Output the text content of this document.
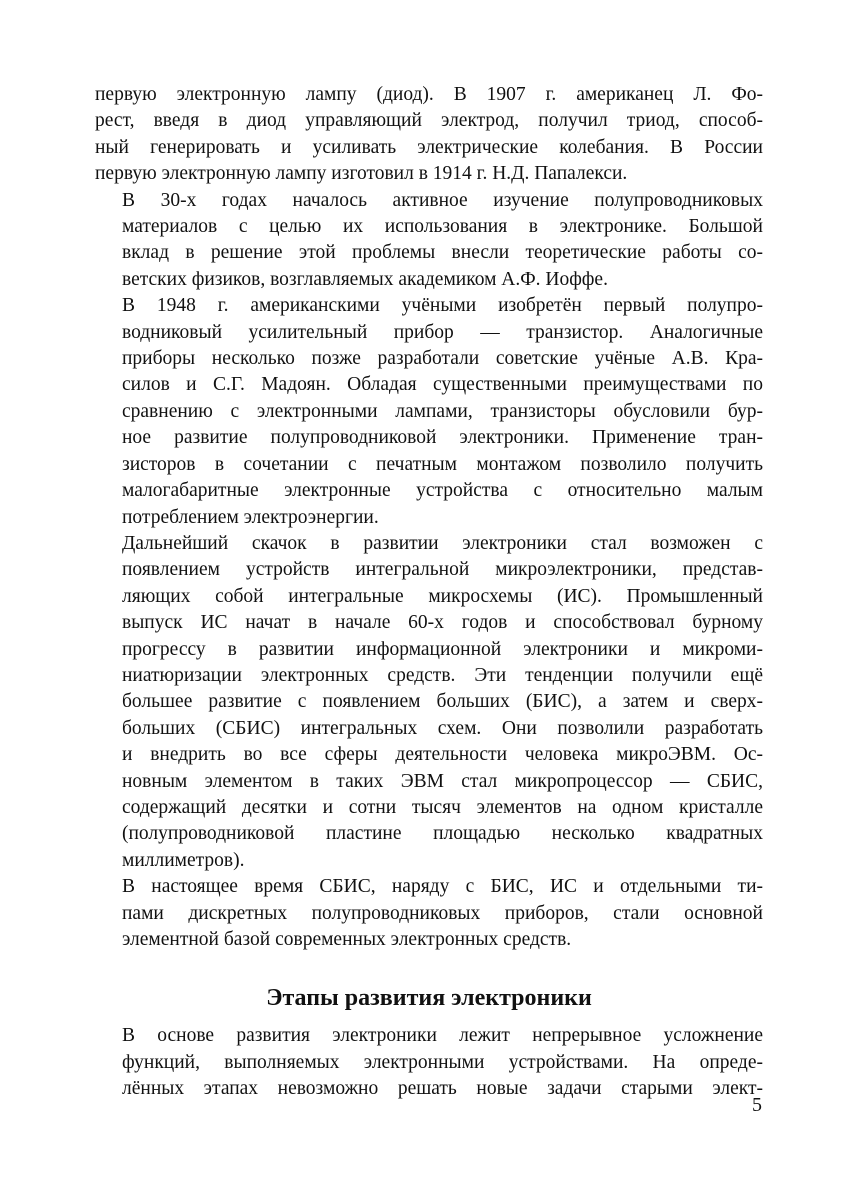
первую электронную лампу (диод). В 1907 г. американец Л. Фо-
рест, введя в диод управляющий электрод, получил триод, способ-
ный генерировать и усиливать электрические колебания. В России
первую электронную лампу изготовил в 1914 г. Н.Д. Папалекси.

В 30-х годах началось активное изучение полупроводниковых
материалов с целью их использования в электронике. Большой
вклад в решение этой проблемы внесли теоретические работы со-
ветских физиков, возглавляемых академиком А.Ф. Иоффе.

В 1948 г. американскими учёными изобретён первый полупро-
водниковый усилительный прибор — транзистор. Аналогичные
приборы несколько позже разработали советские учёные А.В. Кра-
силов и С.Г. Мадоян. Обладая существенными преимуществами по
сравнению с электронными лампами, транзисторы обусловили бур-
ное развитие полупроводниковой электроники. Применение тран-
зисторов в сочетании с печатным монтажом позволило получить
малогабаритные электронные устройства с относительно малым
потреблением электроэнергии.

Дальнейший скачок в развитии электроники стал возможен с
появлением устройств интегральной микроэлектроники, представ-
ляющих собой интегральные микросхемы (ИС). Промышленный
выпуск ИС начат в начале 60-х годов и способствовал бурному
прогрессу в развитии информационной электроники и микроми-
ниатюризации электронных средств. Эти тенденции получили ещё
большее развитие с появлением больших (БИС), а затем и сверх-
больших (СБИС) интегральных схем. Они позволили разработать
и внедрить во все сферы деятельности человека микроЭВМ. Ос-
новным элементом в таких ЭВМ стал микропроцессор — СБИС,
содержащий десятки и сотни тысяч элементов на одном кристалле
(полупроводниковой пластине площадью несколько квадратных
миллиметров).

В настоящее время СБИС, наряду с БИС, ИС и отдельными ти-
пами дискретных полупроводниковых приборов, стали основной
элементной базой современных электронных средств.

Этапы развития электроники

В основе развития электроники лежит непрерывное усложнение
функций, выполняемых электронными устройствами. На опреде-
лённых этапах невозможно решать новые задачи старыми элект-

5
